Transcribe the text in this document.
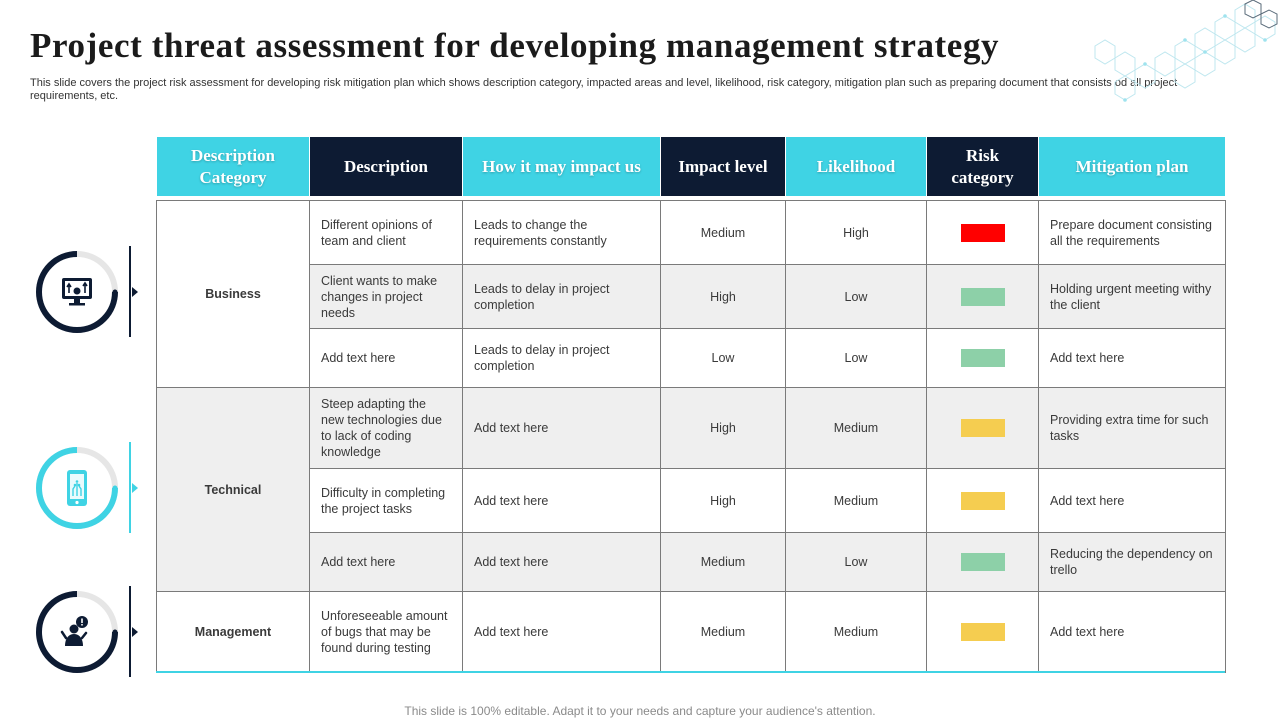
Project threat assessment for developing management strategy

This slide covers the project risk assessment for developing risk mitigation plan which shows description category, impacted areas and level, likelihood, risk category, mitigation plan such as preparing document that consists od all project requirements, etc.

Description Category	Description	How it may impact us	Impact level	Likelihood	Risk category	Mitigation plan

Business	Different opinions of team and client	Leads to change the requirements constantly	Medium	High		Prepare document consisting all the requirements
	Client wants to make changes in project needs	Leads to delay in project completion	High	Low		Holding urgent meeting withy the client
	Add text here	Leads to delay in project completion	Low	Low		Add text here
Technical	Steep adapting the new technologies due to lack of coding knowledge	Add text here	High	Medium		Providing extra time for such tasks
	Difficulty in completing the project tasks	Add text here	High	Medium		Add text here
	Add text here	Add text here	Medium	Low		Reducing the dependency on trello
Management	Unforeseeable amount of bugs that may be found during testing	Add text here	Medium	Medium		Add text here
This slide is 100% editable. Adapt it to your needs and capture your audience's attention.
